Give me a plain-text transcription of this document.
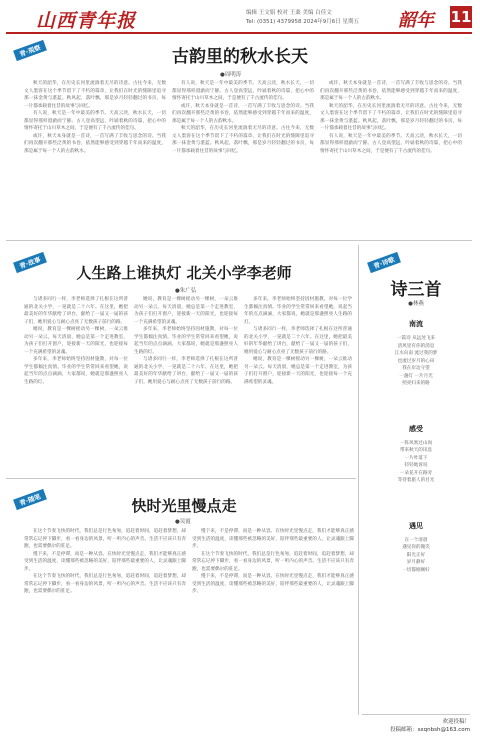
山西青年报	编辑 王文娟 校对 王桑 美编 白佳文
Tel: (0351) 4379958 2024年9月6日 星期五	韶年 11
青·观察	古韵里的秋水长天
●周明涛

秋天的韶华，在历史长河里流淌着无尽的诗意。古往今来，无数文人墨客在这个季节留下了不朽的篇章，让我们在时光的缝隙里追寻那一抹金黄与湛蓝。秋风起，落叶飘，那是岁月轻轻翻过的书页，每一片都承载着往昔的故事与回忆。

有人说，秋天是一年中最美的季节。天高云淡，秋水长天，一切都显得那样澄澈而宁静。古人登高望远，吟诵着秋的诗篇，把心中的情怀寄托于山川草木之间，于是便有了千古流传的佳句。

或许，秋天本身就是一首诗，一首写满了丰收与思念的诗。当我们再次翻开那些泛黄的书卷，依然能够感受到穿越千年而来的温度，那是属于每一个人的古韵秋水。

有人说，秋天是一年中最美的季节。天高云淡，秋水长天，一切都显得那样澄澈而宁静。古人登高望远，吟诵着秋的诗篇，把心中的情怀寄托于山川草木之间，于是便有了千古流传的佳句。

或许，秋天本身就是一首诗，一首写满了丰收与思念的诗。当我们再次翻开那些泛黄的书卷，依然能够感受到穿越千年而来的温度，那是属于每一个人的古韵秋水。

秋天的韶华，在历史长河里流淌着无尽的诗意。古往今来，无数文人墨客在这个季节留下了不朽的篇章，让我们在时光的缝隙里追寻那一抹金黄与湛蓝。秋风起，落叶飘，那是岁月轻轻翻过的书页，每一片都承载着往昔的故事与回忆。

或许，秋天本身就是一首诗，一首写满了丰收与思念的诗。当我们再次翻开那些泛黄的书卷，依然能够感受到穿越千年而来的温度，那是属于每一个人的古韵秋水。

秋天的韶华，在历史长河里流淌着无尽的诗意。古往今来，无数文人墨客在这个季节留下了不朽的篇章，让我们在时光的缝隙里追寻那一抹金黄与湛蓝。秋风起，落叶飘，那是岁月轻轻翻过的书页，每一片都承载着往昔的故事与回忆。

有人说，秋天是一年中最美的季节。天高云淡，秋水长天，一切都显得那样澄澈而宁静。古人登高望远，吟诵着秋的诗篇，把心中的情怀寄托于山川草木之间，于是便有了千古流传的佳句。

青·故事
人生路上谁执灯 北关小学李老师
●朱广弘

与诸多同行一样，李老师选择了扎根在这所普通的北关小学，一晃就是二十六年。在这里，她把最美好的年华献给了讲台，献给了一届又一届的孩子们，她用爱心与耐心点亮了无数孩子前行的路。

她说，教育是一棵树摇动另一棵树，一朵云推动另一朵云。每天清晨，她总是第一个走进教室，为孩子们打开窗户，迎接新一天的阳光，也迎接每一个充满希望的灵魂。

多年来，李老师始终坚持因材施教，对每一位学生都倾注真情。毕业的学生常常回来看望她，说起当年的点点滴滴，大家都说，她就是那盏照亮人生路的灯。

她说，教育是一棵树摇动另一棵树，一朵云推动另一朵云。每天清晨，她总是第一个走进教室，为孩子们打开窗户，迎接新一天的阳光，也迎接每一个充满希望的灵魂。

多年来，李老师始终坚持因材施教，对每一位学生都倾注真情。毕业的学生常常回来看望她，说起当年的点点滴滴，大家都说，她就是那盏照亮人生路的灯。

与诸多同行一样，李老师选择了扎根在这所普通的北关小学，一晃就是二十六年。在这里，她把最美好的年华献给了讲台，献给了一届又一届的孩子们，她用爱心与耐心点亮了无数孩子前行的路。

多年来，李老师始终坚持因材施教，对每一位学生都倾注真情。毕业的学生常常回来看望她，说起当年的点点滴滴，大家都说，她就是那盏照亮人生路的灯。

与诸多同行一样，李老师选择了扎根在这所普通的北关小学，一晃就是二十六年。在这里，她把最美好的年华献给了讲台，献给了一届又一届的孩子们，她用爱心与耐心点亮了无数孩子前行的路。

她说，教育是一棵树摇动另一棵树，一朵云推动另一朵云。每天清晨，她总是第一个走进教室，为孩子们打开窗户，迎接新一天的阳光，也迎接每一个充满希望的灵魂。

青·随笔	快时光里慢点走
●吴霞

在这个节奏飞快的时代，我们总是行色匆匆，追赶着时间，追赶着梦想，却常常忘记停下脚步，看一看身边的风景，听一听内心的声音。生活不应该只有奔跑，也需要偶尔的驻足。

慢下来，不是停滞，而是一种从容。在快时光里慢点走，我们才能够真正感受到生活的温度，读懂那些被忽略的美好，陪伴那些最重要的人，让灵魂跟上脚步。

在这个节奏飞快的时代，我们总是行色匆匆，追赶着时间，追赶着梦想，却常常忘记停下脚步，看一看身边的风景，听一听内心的声音。生活不应该只有奔跑，也需要偶尔的驻足。

慢下来，不是停滞，而是一种从容。在快时光里慢点走，我们才能够真正感受到生活的温度，读懂那些被忽略的美好，陪伴那些最重要的人，让灵魂跟上脚步。

在这个节奏飞快的时代，我们总是行色匆匆，追赶着时间，追赶着梦想，却常常忘记停下脚步，看一看身边的风景，听一听内心的声音。生活不应该只有奔跑，也需要偶尔的驻足。

慢下来，不是停滞，而是一种从容。在快时光里慢点走，我们才能够真正感受到生活的温度，读懂那些被忽略的美好，陪伴那些最重要的人，让灵魂跟上脚步。

青·诗歌
诗三首
●林燕
南流
一篇诗 从远处飞来
清风里有你的消息
江水向南 流过我的梦
也流过岁月的心田
我在岸边守望
一盏灯 一片月光
照亮归来的路
感受
一阵风吹过山岗
带来秋天的讯息
一片叶落下
轻轻地诉说
一朵花开在路旁
等待着旅人的目光
遇见
在一个清晨
遇见你的微笑
阳光正好
岁月静好
一切都刚刚好
欢迎投稿！
投稿邮箱：sxqnbsh@163.com
